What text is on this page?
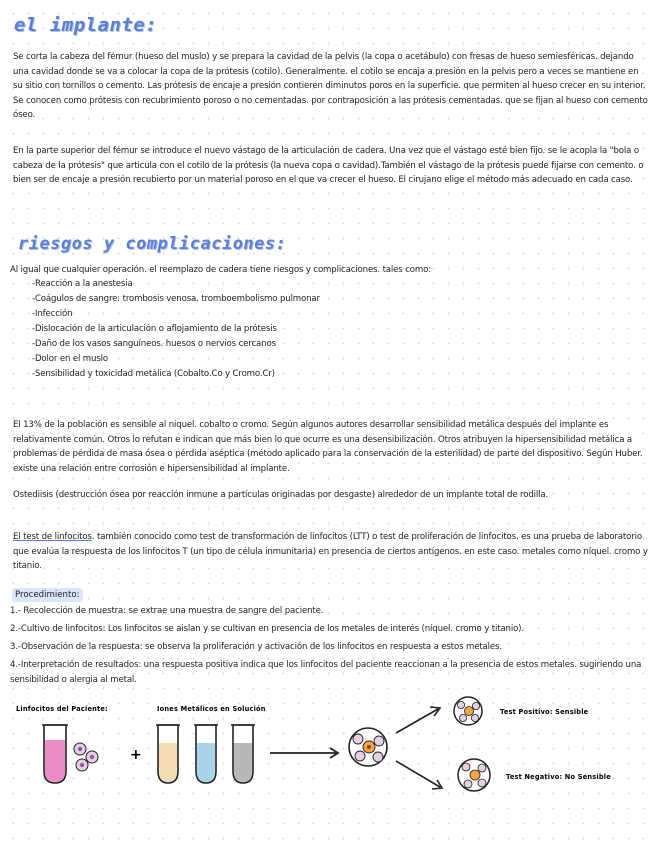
el implante:

Se corta la cabeza del fémur (hueso del muslo) y se prepara la cavidad de la pelvis (la copa o acetábulo) con fresas de hueso semiesféricas. dejando una cavidad donde se va a colocar la copa de la prótesis (cotilo). Generalmente. el cotilo se encaja a presión en la pelvis pero a veces se mantiene en su sitio con tornillos o cemento. Las prótesis de encaje a presión contieren diminutos poros en la superficie. que permiten al hueso crecer en su interior. Se conocen como prótesis con recubrimiento poroso o no cementadas. por contraposición a las prótesis cementadas. que se fijan al hueso con cemento óseo.

En la parte superior del fémur se introduce el nuevo vástago de la articulación de cadera. Una vez que el vástago esté bien fijo. se le acopla la "bola o cabeza de la prótesis" que articula con el cotilo de la prótesis (la nueva copa o cavidad).También el vástago de la prótesis puede fijarse con cemento. o bien ser de encaje a presión recubierto por un material poroso en el que va crecer el hueso. El cirujano elige el método más adecuado en cada caso.

riesgos y complicaciones:

Al igual que cualquier operación. el reemplazo de cadera tiene riesgos y complicaciones. tales como:

-Reacción a la anestesia
-Coágulos de sangre: trombosis venosa. tromboembolismo pulmonar
-Infección
-Dislocación de la articulación o aflojamiento de la prótesis
-Daño de los vasos sanguíneos. huesos o nervios cercanos
-Dolor en el muslo
-Sensibilidad y toxicidad metálica (Cobalto.Co y Cromo.Cr)

El 13% de la población es sensible al niquel. cobalto o cromo. Según algunos autores desarrollar sensibilidad metálica después del implante es relativamente común. Otros lo refutan e indican que más bien lo que ocurre es una desensibilización. Otros atribuyen la hipersensibilidad metálica a problemas de pérdida de masa ósea o pérdida aséptica (método aplicado para la conservación de la esterilidad) de parte del dispositivo. Según Huber. existe una relación entre corrosión e hipersensibilidad al implante.

Ostediisis (destrucción ósea por reacción inmune a partículas originadas por desgaste) alrededor de un implante total de rodilla.

El test de linfocitos. también conocido como test de transformación de linfocitos (LTT) o test de proliferación de linfocitos. es una prueba de laboratorio que evalúa la respuesta de los linfocitos T (un tipo de célula inmunitaria) en presencia de ciertos antígenos. en este caso. metales como níquel. cromo y titanio.

Procedimiento:
1.- Recolección de muestra: se extrae una muestra de sangre del paciente.
2.-Cultivo de linfocitos: Los linfocitos se aislan y se cultivan en presencia de los metales de interés (níquel. cromo y titanio).
3.-Observación de la respuesta: se observa la proliferación y activación de los linfocitos en respuesta a estos metales.
4.-Interpretación de resultados: una respuesta positiva indica que los linfocitos del paciente reaccionan a la presencia de estos metales. sugiriendo una sensibilidad o alergia al metal.
Linfocitos del Paciente:	Iones Metálicos en Solución
+
Test Positivo: Sensible
Test Negativo: No Sensible
